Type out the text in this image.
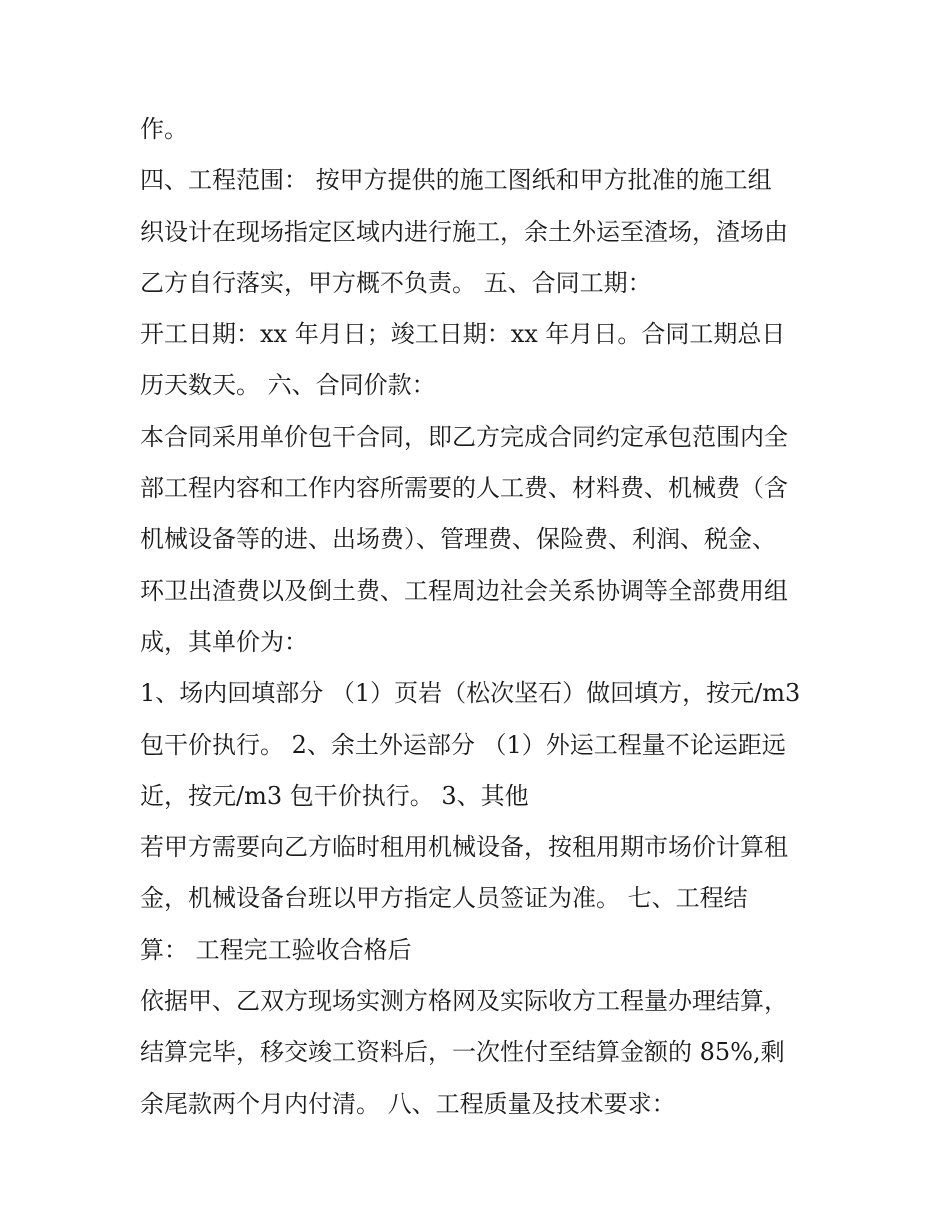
作。
四、工程范围： 按甲方提供的施工图纸和甲方批准的施工组
织设计在现场指定区域内进行施工，余土外运至渣场，渣场由
乙方自行落实，甲方概不负责。 五、合同工期：
开工日期：xx 年月日；竣工日期：xx 年月日。合同工期总日
历天数天。 六、合同价款：
本合同采用单价包干合同，即乙方完成合同约定承包范围内全
部工程内容和工作内容所需要的人工费、材料费、机械费（含
机械设备等的进、出场费）、管理费、保险费、利润、税金、
环卫出渣费以及倒土费、工程周边社会关系协调等全部费用组
成，其单价为：
1、场内回填部分 （1）页岩（松次坚石）做回填方，按元/m3
包干价执行。 2、余土外运部分 （1）外运工程量不论运距远
近，按元/m3 包干价执行。 3、其他
若甲方需要向乙方临时租用机械设备，按租用期市场价计算租
金，机械设备台班以甲方指定人员签证为准。 七、工程结
算： 工程完工验收合格后
依据甲、乙双方现场实测方格网及实际收方工程量办理结算，
结算完毕，移交竣工资料后，一次性付至结算金额的 85%,剩
余尾款两个月内付清。 八、工程质量及技术要求：
